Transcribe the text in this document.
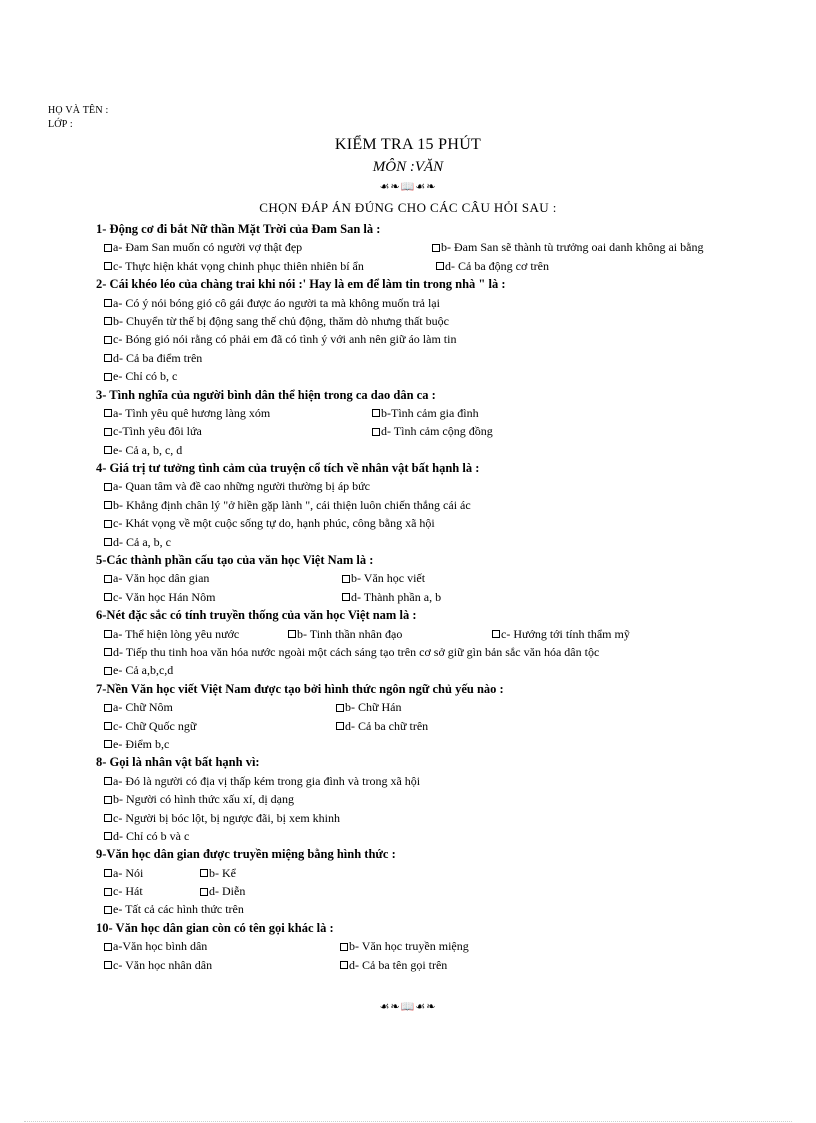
HỌ VÀ TÊN :
LỚP :
KIỂM TRA 15 PHÚT
MÔN :VĂN
☙❧📖☙❧
CHỌN ĐÁP ÁN ĐÚNG CHO CÁC CÂU HỎI SAU :
1- Động cơ đi bắt Nữ thần Mặt Trời của Đam San là :
a- Đam San muốn có người vợ thật đẹp	b- Đam San sẽ thành tù trưởng oai danh không ai bằng
c- Thực hiện khát vọng chinh phục thiên nhiên bí ẩn	d- Cả ba động cơ trên
2- Cái khéo léo của chàng trai khi nói :' Hay là em để làm tin trong nhà " là :
a- Có ý nói bóng gió cô gái được áo người ta mà không muốn trả lại
b- Chuyển từ thế bị động sang thế chủ động, thăm dò nhưng thất buộc
c- Bóng gió nói rằng có phải em đã có tình ý với anh nên giữ áo làm tin
d- Cả ba điểm trên
e- Chỉ có b, c
3- Tình nghĩa của người bình dân thể hiện trong ca dao dân ca :
a- Tình yêu quê hương làng xóm	b-Tình cảm gia đình
c-Tình yêu đôi lứa	d- Tình cảm cộng đồng
e- Cả a, b, c, d
4- Giá trị tư tưởng tình cảm của truyện cổ tích về nhân vật bất hạnh là :
a- Quan tâm và đề cao những người thường bị áp bức
b- Khẳng định chân lý "ở hiền gặp lành ", cái thiện luôn chiến thắng cái ác
c- Khát vọng về một cuộc sống tự do, hạnh phúc, công bằng xã hội
d- Cả a, b, c
5-Các thành phần cấu tạo của văn học Việt Nam là :
a- Văn học dân gian	b- Văn học viết
c- Văn học Hán Nôm	d- Thành phần a, b
6-Nét đặc sắc có tính truyền thống của văn học Việt nam là :
a- Thể hiện lòng yêu nước	b- Tinh thần nhân đạo	c- Hướng tới tính thẩm mỹ
d- Tiếp thu tinh hoa văn hóa nước ngoài một cách sáng tạo trên cơ sở giữ gìn bản sắc văn hóa dân tộc
e- Cả a,b,c,d
7-Nền Văn học viết Việt Nam được tạo bởi hình thức ngôn ngữ chủ yếu nào :
a- Chữ Nôm	b- Chữ Hán
c- Chữ Quốc ngữ	d- Cả ba chữ trên
e- Điểm b,c
8- Gọi là nhân vật bất hạnh vì:
a- Đó là người có địa vị thấp kém trong gia đình và trong xã hội
b- Người có hình thức xấu xí, dị dạng
c- Người bị bóc lột, bị ngược đãi, bị xem khinh
d- Chỉ có b và c
9-Văn học dân gian được truyền miệng bằng hình thức :
a- Nói	b- Kể
c- Hát	d- Diễn
e- Tất cả các hình thức trên
10- Văn học dân gian còn có tên gọi khác là :
a-Văn học bình dân	b- Văn học truyền miệng
c- Văn học nhân dân	d- Cả ba tên gọi trên
☙❧📖☙❧
